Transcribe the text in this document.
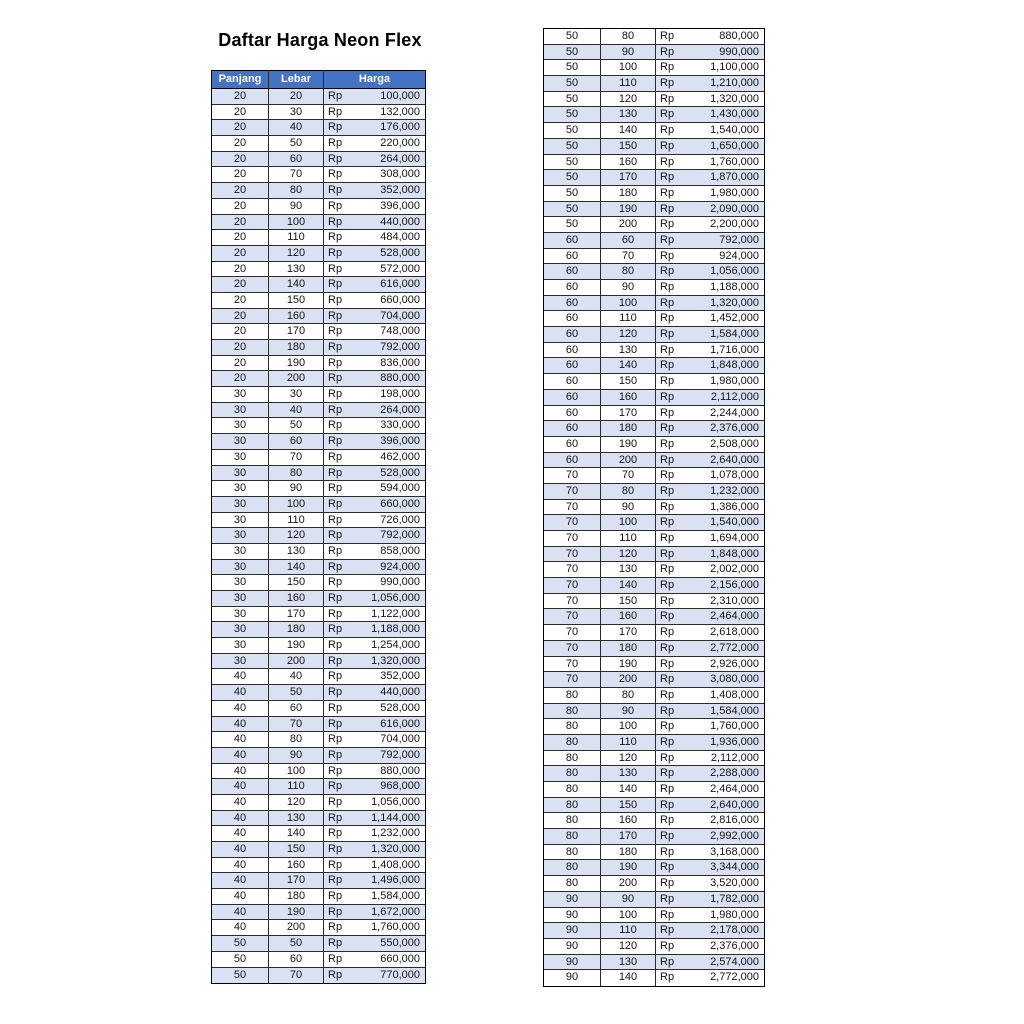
Daftar Harga Neon Flex
Panjang	Lebar	Harga
20	20	Rp	100,000
20	30	Rp	132,000
20	40	Rp	176,000
20	50	Rp	220,000
20	60	Rp	264,000
20	70	Rp	308,000
20	80	Rp	352,000
20	90	Rp	396,000
20	100	Rp	440,000
20	110	Rp	484,000
20	120	Rp	528,000
20	130	Rp	572,000
20	140	Rp	616,000
20	150	Rp	660,000
20	160	Rp	704,000
20	170	Rp	748,000
20	180	Rp	792,000
20	190	Rp	836,000
20	200	Rp	880,000
30	30	Rp	198,000
30	40	Rp	264,000
30	50	Rp	330,000
30	60	Rp	396,000
30	70	Rp	462,000
30	80	Rp	528,000
30	90	Rp	594,000
30	100	Rp	660,000
30	110	Rp	726,000
30	120	Rp	792,000
30	130	Rp	858,000
30	140	Rp	924,000
30	150	Rp	990,000
30	160	Rp	1,056,000
30	170	Rp	1,122,000
30	180	Rp	1,188,000
30	190	Rp	1,254,000
30	200	Rp	1,320,000
40	40	Rp	352,000
40	50	Rp	440,000
40	60	Rp	528,000
40	70	Rp	616,000
40	80	Rp	704,000
40	90	Rp	792,000
40	100	Rp	880,000
40	110	Rp	968,000
40	120	Rp	1,056,000
40	130	Rp	1,144,000
40	140	Rp	1,232,000
40	150	Rp	1,320,000
40	160	Rp	1,408,000
40	170	Rp	1,496,000
40	180	Rp	1,584,000
40	190	Rp	1,672,000
40	200	Rp	1,760,000
50	50	Rp	550,000
50	60	Rp	660,000
50	70	Rp	770,000
50	80	Rp	880,000
50	90	Rp	990,000
50	100	Rp	1,100,000
50	110	Rp	1,210,000
50	120	Rp	1,320,000
50	130	Rp	1,430,000
50	140	Rp	1,540,000
50	150	Rp	1,650,000
50	160	Rp	1,760,000
50	170	Rp	1,870,000
50	180	Rp	1,980,000
50	190	Rp	2,090,000
50	200	Rp	2,200,000
60	60	Rp	792,000
60	70	Rp	924,000
60	80	Rp	1,056,000
60	90	Rp	1,188,000
60	100	Rp	1,320,000
60	110	Rp	1,452,000
60	120	Rp	1,584,000
60	130	Rp	1,716,000
60	140	Rp	1,848,000
60	150	Rp	1,980,000
60	160	Rp	2,112,000
60	170	Rp	2,244,000
60	180	Rp	2,376,000
60	190	Rp	2,508,000
60	200	Rp	2,640,000
70	70	Rp	1,078,000
70	80	Rp	1,232,000
70	90	Rp	1,386,000
70	100	Rp	1,540,000
70	110	Rp	1,694,000
70	120	Rp	1,848,000
70	130	Rp	2,002,000
70	140	Rp	2,156,000
70	150	Rp	2,310,000
70	160	Rp	2,464,000
70	170	Rp	2,618,000
70	180	Rp	2,772,000
70	190	Rp	2,926,000
70	200	Rp	3,080,000
80	80	Rp	1,408,000
80	90	Rp	1,584,000
80	100	Rp	1,760,000
80	110	Rp	1,936,000
80	120	Rp	2,112,000
80	130	Rp	2,288,000
80	140	Rp	2,464,000
80	150	Rp	2,640,000
80	160	Rp	2,816,000
80	170	Rp	2,992,000
80	180	Rp	3,168,000
80	190	Rp	3,344,000
80	200	Rp	3,520,000
90	90	Rp	1,782,000
90	100	Rp	1,980,000
90	110	Rp	2,178,000
90	120	Rp	2,376,000
90	130	Rp	2,574,000
90	140	Rp	2,772,000
